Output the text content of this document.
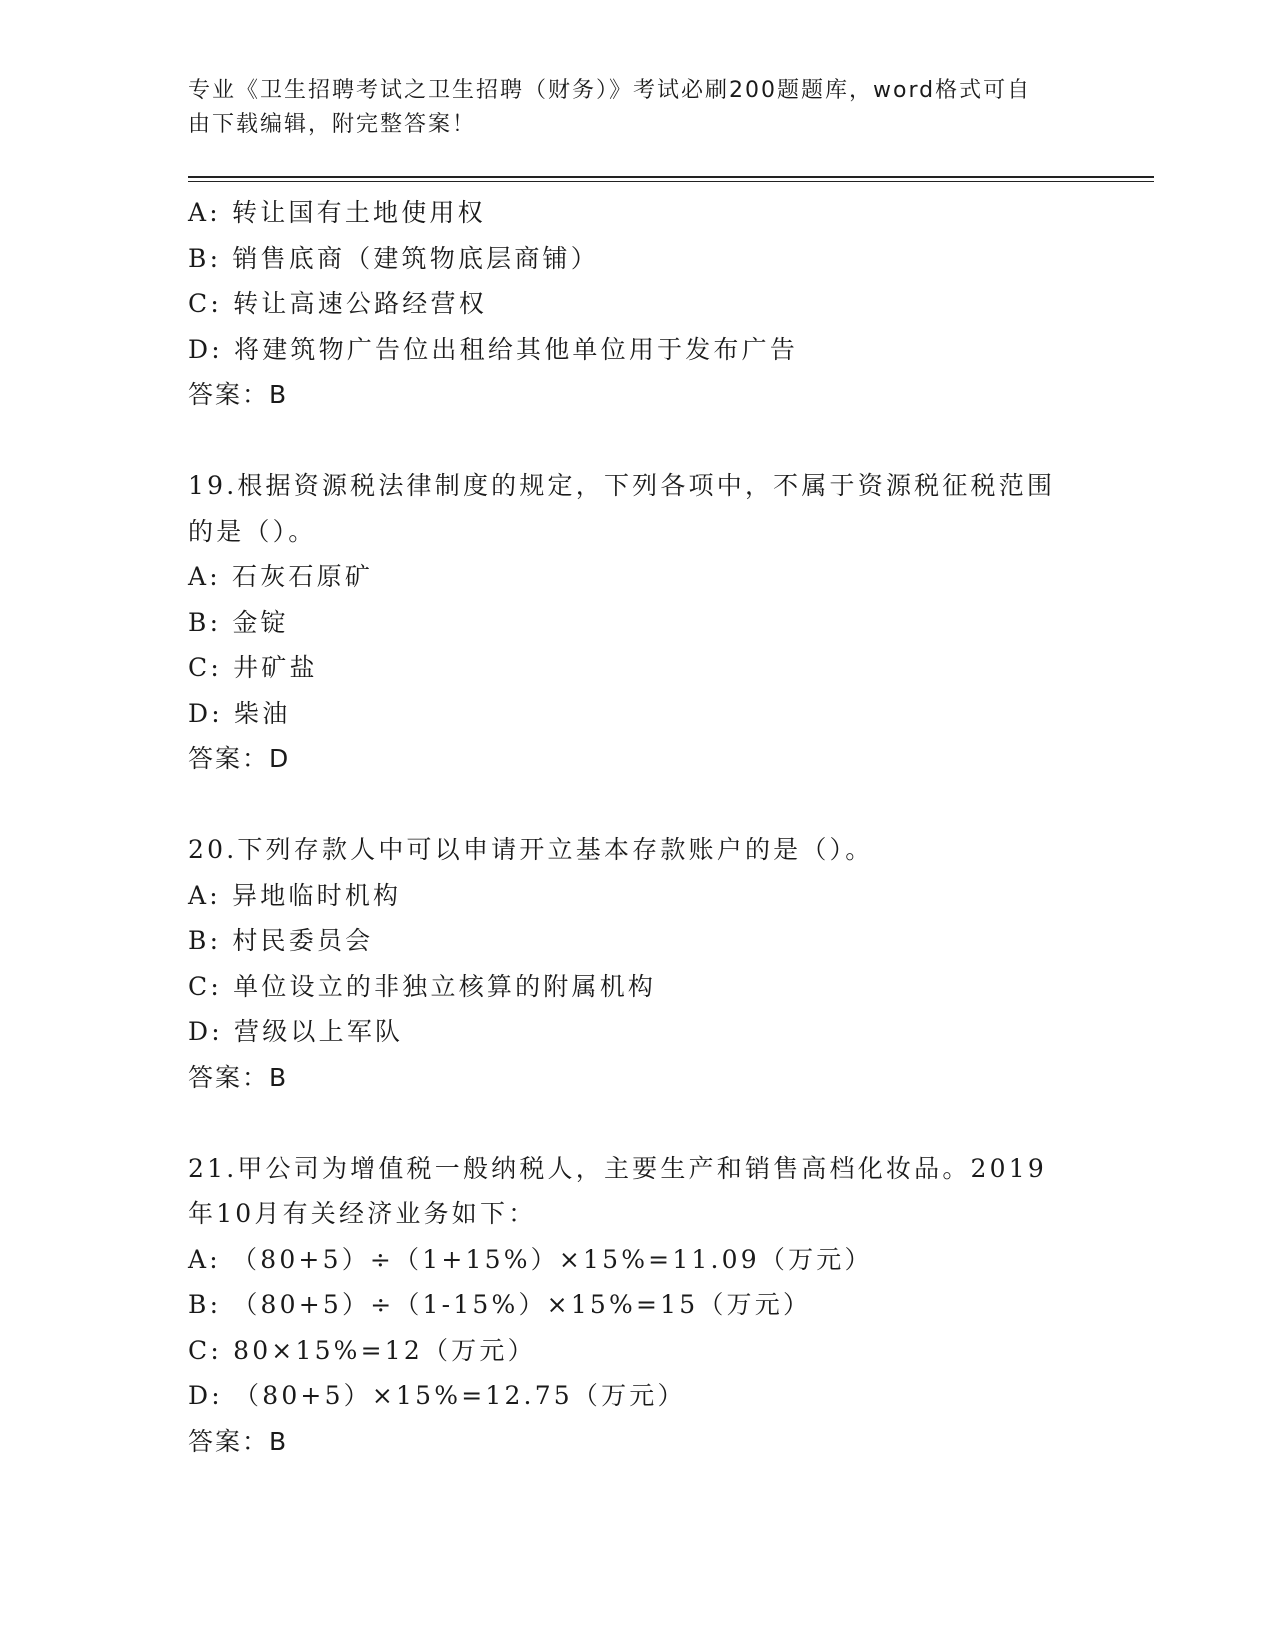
专业《卫生招聘考试之卫生招聘（财务）》考试必刷200题题库，word格式可自
由下载编辑，附完整答案！
A: 转让国有土地使用权
B: 销售底商（建筑物底层商铺）
C: 转让高速公路经营权
D: 将建筑物广告位出租给其他单位用于发布广告
答案：B
19.根据资源税法律制度的规定，下列各项中，不属于资源税征税范围
的是（）。
A: 石灰石原矿
B: 金锭
C: 井矿盐
D: 柴油
答案：D
20.下列存款人中可以申请开立基本存款账户的是（）。
A: 异地临时机构
B: 村民委员会
C: 单位设立的非独立核算的附属机构
D: 营级以上军队
答案：B
21.甲公司为增值税一般纳税人，主要生产和销售高档化妆品。2019
年10月有关经济业务如下：
A: （80+5）÷（1+15%）×15%=11.09（万元）
B: （80+5）÷（1-15%）×15%=15（万元）
C: 80×15%=12（万元）
D: （80+5）×15%=12.75（万元）
答案：B
